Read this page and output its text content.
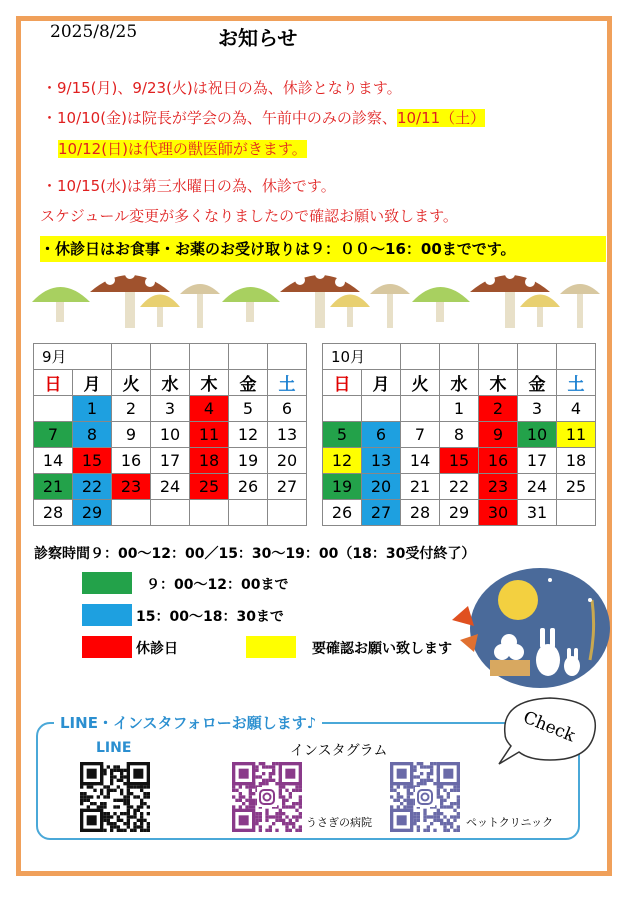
2025/8/25	お知らせ
・9/15(月)、9/23(火)は祝日の為、休診となります。
・10/10(金)は院長が学会の為、午前中のみの診察、10/11（土）
10/12(日)は代理の獣医師がきます。
・10/15(水)は第三水曜日の為、休診です。
スケジュール変更が多くなりましたので確認お願い致します。
・休診日はお食事・お薬のお受け取りは９：００〜16：00までです。
9月						
日	月	火	水	木	金	土
	1	2	3	4	5	6
7	8	9	10	11	12	13
14	15	16	17	18	19	20
21	22	23	24	25	26	27
28	29					
10月						
日	月	火	水	木	金	土
			1	2	3	4
5	6	7	8	9	10	11
12	13	14	15	16	17	18
19	20	21	22	23	24	25
26	27	28	29	30	31	
診察時間９：00〜12：00／15：30〜19：00（18：30受付終了）
９：00〜12：00まで
15：00〜18：30まで
休診日	要確認お願い致します
LINE・インスタフォローお願します♪	Check
LINE	インスタグラム
うさぎの病院	ペットクリニック
